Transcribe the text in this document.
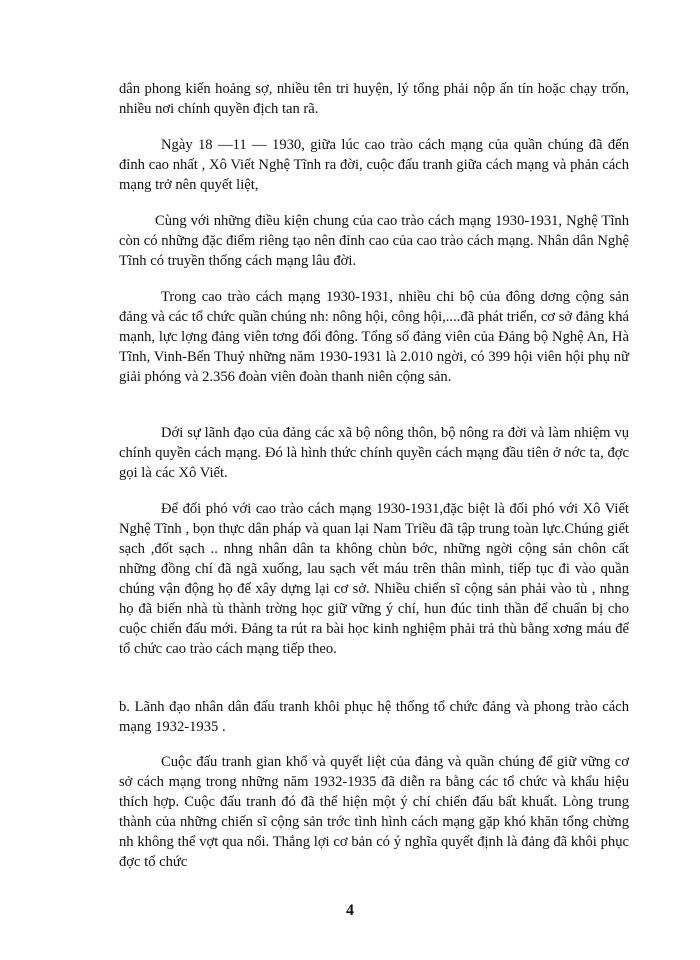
dân phong kiến hoảng sợ, nhiều tên tri huyện, lý tổng phải nộp ấn tín hoặc chạy trốn, nhiều nơi chính quyền địch tan rã.

Ngày 18 —11 — 1930, giữa lúc cao trào cách mạng của quần chúng đã đến đỉnh cao nhất , Xô Viết Nghệ Tĩnh ra đời, cuộc đấu tranh giữa cách mạng và phản cách mạng trở nên quyết liệt,

Cùng với những điều kiện chung của cao trào cách mạng 1930-1931, Nghệ Tĩnh còn có những đặc điểm riêng tạo nên đỉnh cao của cao trào cách mạng. Nhân dân Nghệ Tĩnh có truyền thống cách mạng lâu đời.

Trong cao trào cách mạng 1930-1931, nhiều chi bộ của đông dơng cộng sản đảng và các tổ chức quần chúng nh: nông hội, công hội,....đã phát triển, cơ sở đảng khá mạnh, lực lợng đảng viên tơng đối đông. Tổng số đảng viên của Đảng bộ Nghệ An, Hà Tĩnh, Vinh-Bến Thuỷ những năm 1930-1931 là 2.010 ngời, có 399 hội viên hội phụ nữ giải phóng và 2.356 đoàn viên đoàn thanh niên cộng sản.

Dới sự lãnh đạo của đảng các xã bộ nông thôn, bộ nông ra đời và làm nhiệm vụ chính quyền cách mạng. Đó là hình thức chính quyền cách mạng đầu tiên ở nớc ta, đợc gọi là các Xô Viết.

Để đối phó với cao trào cách mạng 1930-1931,đặc biệt là đối phó với Xô Viết Nghệ Tĩnh , bọn thực dân pháp và quan lại Nam Triều đã tập trung toàn lực.Chúng giết sạch ,đốt sạch .. nhng nhân dân ta không chùn bớc, những ngời cộng sản chôn cất những đồng chí đã ngã xuống, lau sạch vết máu trên thân mình, tiếp tục đi vào quần chúng vận động họ để xây dựng lại cơ sở. Nhiều chiến sĩ cộng sản phải vào tù , nhng họ đã biến nhà tù thành trờng học giữ vững ý chí, hun đúc tinh thần để chuẩn bị cho cuộc chiến đấu mới. Đảng ta rút ra bài học kinh nghiệm phải trả thù bằng xơng máu để tổ chức cao trào cách mạng tiếp theo.

b. Lãnh đạo nhân dân đấu tranh khôi phục hệ thống tổ chức đảng và phong trào cách mạng 1932-1935 .

Cuộc đấu tranh gian khổ và quyết liệt của đảng và quần chúng để giữ vững cơ sở cách mạng trong những năm 1932-1935 đã diễn ra bằng các tổ chức và khẩu hiệu thích hợp. Cuộc đấu tranh đó đã thể hiện một ý chí chiến đấu bất khuất. Lòng trung thành của những chiến sĩ cộng sản trớc tình hình cách mạng gặp khó khăn tổng chừng nh không thể vợt qua nổi. Thắng lợi cơ bản có ý nghĩa quyết định là đảng đã khôi phục đợc tổ chức

4
